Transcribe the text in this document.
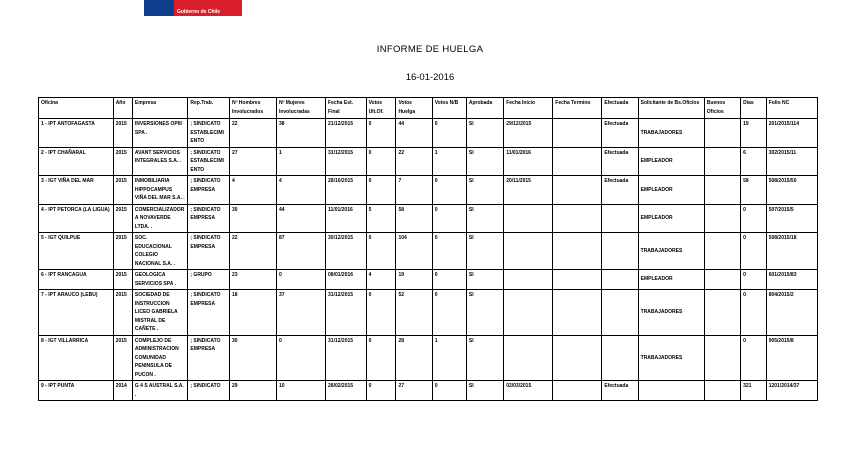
Gobierno de Chile
INFORME DE HUELGA
16-01-2016
Oficina	Año	Empresa	Rep.Trab.	Nº Hombres Involucrados	Nº Mujeres Involucradas	Fecha Est. Final	Votos Ult.Of.	Votos Huelga	Votos N/B	Aprobada	Fecha Inicio	Fecha Termino	Efectuada	Solicitante de Bs.Oficios	Buenos Oficios	Días	Folio NC
1 - IPT ANTOFAGASTA	2015	INVERSIONES OPIII SPA .	; SINDICATO ESTABLECIMIENTO	22	38	21/12/2015	0	44	0	SI	29/12/2015		Efectuada	TRABAJADORES		19	201/2015/114
2 - IPT CHAÑARAL	2015	AVANT SERVICIOS INTEGRALES S.A. .	; SINDICATO ESTABLECIMIENTO	27	1	31/12/2015	0	22	1	SI	11/01/2016		Efectuada	EMPLEADOR		6	302/2015/11
3 - IGT VIÑA DEL MAR	2015	INMOBILIARIA HIPPOCAMPUS VIÑA DEL MAR S.A. .	; SINDICATO EMPRESA	4	4	28/10/2015	0	7	0	SI	20/11/2015		Efectuada	EMPLEADOR		58	508/2015/50
4 - IPT PETORCA (LA LIGUA)	2015	COMERCIALIZADORA NOVAVERDE LTDA. .	; SINDICATO EMPRESA	30	44	11/01/2016	5	58	0	SI				EMPLEADOR		0	507/2015/5
5 - IGT QUILPUE	2015	SOC. EDUCACIONAL COLEGIO NACIONAL S.A. .	; SINDICATO EMPRESA	22	87	30/12/2015	0	104	0	SI				TRABAJADORES		0	508/2015/18
6 - IPT RANCAGUA	2015	GEOLOGICA SERVICIOS SPA .	; GRUPO	23	0	08/01/2016	4	19	0	SI				EMPLEADOR		0	601/2015/83
7 - IPT ARAUCO (LEBU)	2015	SOCIEDAD DE INSTRUCCION LICEO GABRIELA MISTRAL DE CAÑETE .	; SINDICATO EMPRESA	18	37	31/12/2015	0	52	0	SI				TRABAJADORES		0	804/2015/2
8 - IGT VILLARRICA	2015	COMPLEJO DE ADMINISTRACION COMUNIDAD PENINSULA DE PUCON .	; SINDICATO EMPRESA	30	0	31/12/2015	0	28	1	SI				TRABAJADORES		0	905/2015/8
9 - IPT PUNTA	2014	G 4 S AUSTRAL S.A. .	; SINDICATO	29	10	28/02/2015	0	27	0	SI	02/03/2015		Efectuada			321	1201/2014/37
